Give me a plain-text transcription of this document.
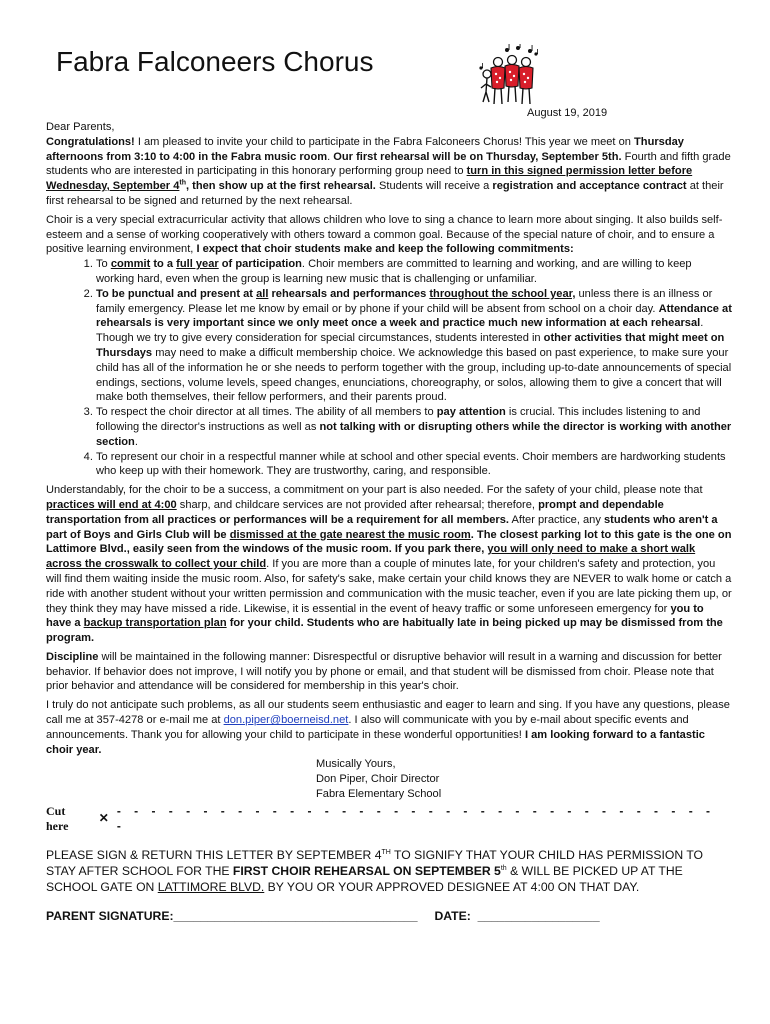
Fabra Falconeers Chorus
August 19, 2019
Dear Parents,
Congratulations! I am pleased to invite your child to participate in the Fabra Falconeers Chorus! This year we meet on Thursday afternoons from 3:10 to 4:00 in the Fabra music room. Our first rehearsal will be on Thursday, September 5th. Fourth and fifth grade students who are interested in participating in this honorary performing group need to turn in this signed permission letter before Wednesday, September 4th, then show up at the first rehearsal. Students will receive a registration and acceptance contract at their first rehearsal to be signed and returned by the next rehearsal.
Choir is a very special extracurricular activity that allows children who love to sing a chance to learn more about singing. It also builds self-esteem and a sense of working cooperatively with others toward a common goal. Because of the special nature of choir, and to ensure a positive learning environment, I expect that choir students make and keep the following commitments:
1. To commit to a full year of participation. Choir members are committed to learning and working, and are willing to keep working hard, even when the group is learning new music that is challenging or unfamiliar.
2. To be punctual and present at all rehearsals and performances throughout the school year, unless there is an illness or family emergency. Please let me know by email or by phone if your child will be absent from school on a choir day. Attendance at rehearsals is very important since we only meet once a week and practice much new information at each rehearsal. Though we try to give every consideration for special circumstances, students interested in other activities that might meet on Thursdays may need to make a difficult membership choice. We acknowledge this based on past experience, to make sure your child has all of the information he or she needs to perform together with the group, including up-to-date announcements of special endings, sections, volume levels, speed changes, enunciations, choreography, or solos, allowing them to give a concert that will make both themselves, their fellow performers, and their parents proud.
3. To respect the choir director at all times. The ability of all members to pay attention is crucial. This includes listening to and following the director's instructions as well as not talking with or disrupting others while the director is working with another section.
4. To represent our choir in a respectful manner while at school and other special events. Choir members are hardworking students who keep up with their homework. They are trustworthy, caring, and responsible.
Understandably, for the choir to be a success, a commitment on your part is also needed. For the safety of your child, please note that practices will end at 4:00 sharp, and childcare services are not provided after rehearsal; therefore, prompt and dependable transportation from all practices or performances will be a requirement for all members. After practice, any students who aren't a part of Boys and Girls Club will be dismissed at the gate nearest the music room. The closest parking lot to this gate is the one on Lattimore Blvd., easily seen from the windows of the music room. If you park there, you will only need to make a short walk across the crosswalk to collect your child. If you are more than a couple of minutes late, for your children's safety and protection, you will find them waiting inside the music room. Also, for safety's sake, make certain your child knows they are NEVER to walk home or catch a ride with another student without your written permission and communication with the music teacher, even if you are late picking them up, or they think they may have missed a ride. Likewise, it is essential in the event of heavy traffic or some unforeseen emergency for you to have a backup transportation plan for your child. Students who are habitually late in being picked up may be dismissed from the program.
Discipline will be maintained in the following manner: Disrespectful or disruptive behavior will result in a warning and discussion for better behavior. If behavior does not improve, I will notify you by phone or email, and that student will be dismissed from choir. Please note that prior behavior and attendance will be considered for membership in this year's choir.
I truly do not anticipate such problems, as all our students seem enthusiastic and eager to learn and sing. If you have any questions, please call me at 357-4278 or e-mail me at don.piper@boerneisd.net. I also will communicate with you by e-mail about specific events and announcements. Thank you for allowing your child to participate in these wonderful opportunities! I am looking forward to a fantastic choir year.
Musically Yours,
Don Piper, Choir Director
Fabra Elementary School
Cut here
✕
- - - - - - - - - - - - - - - - - - - - - - - - - - - - - - - - - - - -
PLEASE SIGN & RETURN THIS LETTER BY SEPTEMBER 4TH TO SIGNIFY THAT YOUR CHILD HAS PERMISSION TO STAY AFTER SCHOOL FOR THE FIRST CHOIR REHEARSAL ON SEPTEMBER 5th & WILL BE PICKED UP AT THE SCHOOL GATE ON LATTIMORE BLVD. BY YOU OR YOUR APPROVED DESIGNEE AT 4:00 ON THAT DAY.
PARENT SIGNATURE:____________________________________ DATE: __________________
